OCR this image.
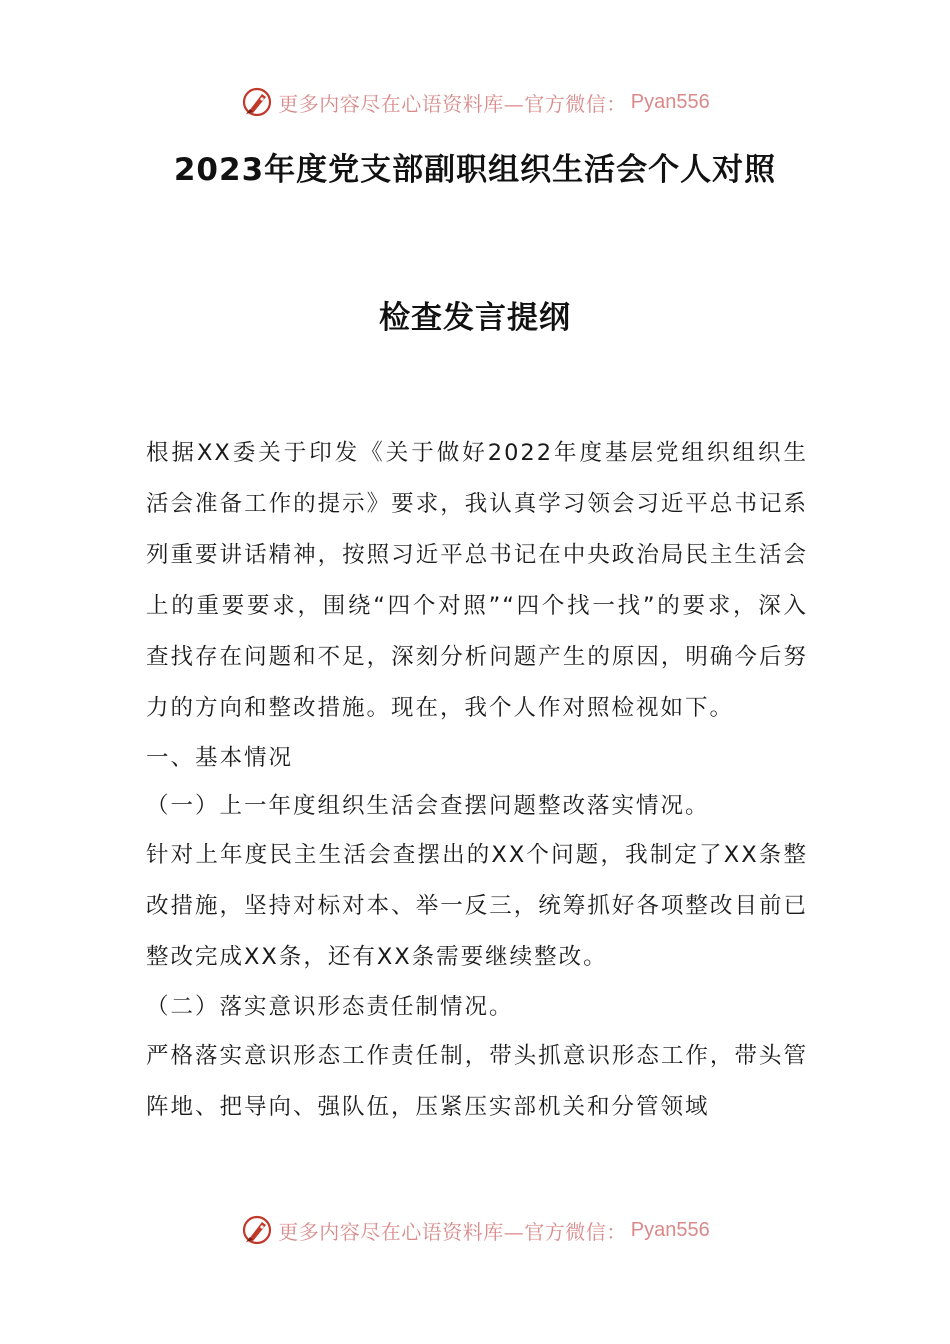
更多内容尽在心语资料库—官方微信： Pyan556
2023年度党支部副职组织生活会个人对照
检查发言提纲

根据XX委关于印发《关于做好2022年度基层党组织组织生活会准备工作的提示》要求，我认真学习领会习近平总书记系列重要讲话精神，按照习近平总书记在中央政治局民主生活会上的重要要求，围绕“四个对照”“四个找一找”的要求，深入查找存在问题和不足，深刻分析问题产生的原因，明确今后努力的方向和整改措施。现在，我个人作对照检视如下。

一、基本情况

（一）上一年度组织生活会查摆问题整改落实情况。

针对上年度民主生活会查摆出的XX个问题，我制定了XX条整改措施，坚持对标对本、举一反三，统筹抓好各项整改目前已整改完成XX条，还有XX条需要继续整改。

（二）落实意识形态责任制情况。

严格落实意识形态工作责任制，带头抓意识形态工作，带头管阵地、把导向、强队伍，压紧压实部机关和分管领域

更多内容尽在心语资料库—官方微信： Pyan556
